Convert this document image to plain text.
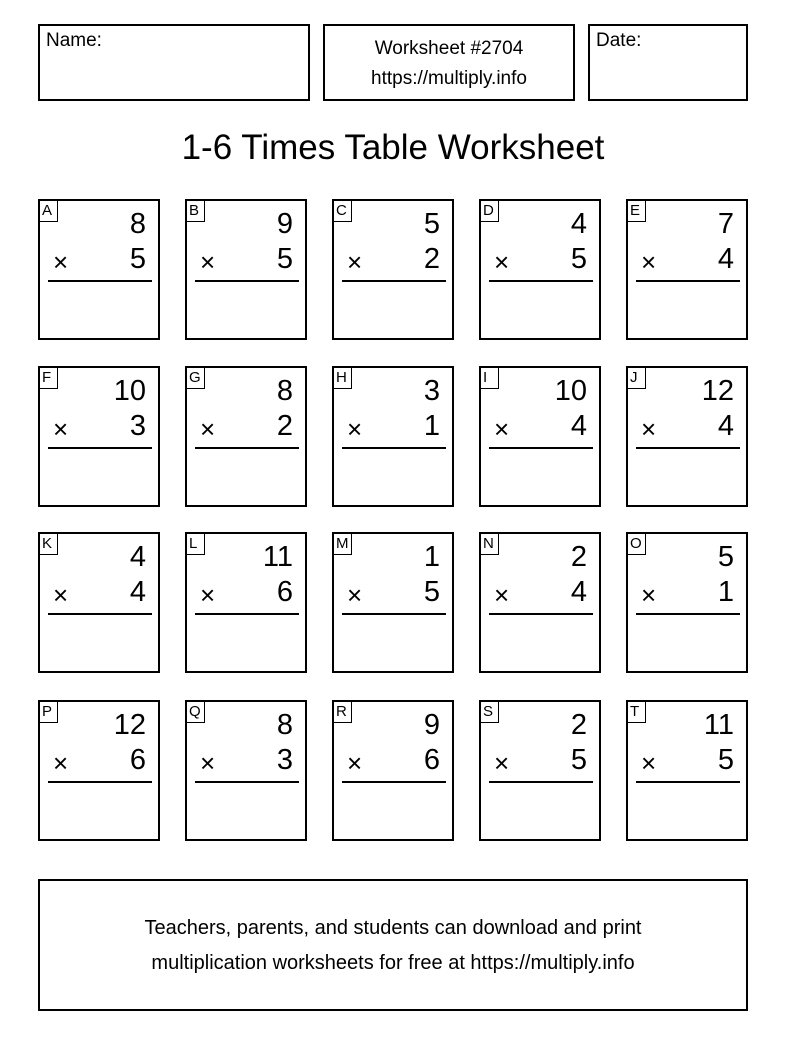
Name:	Worksheet #2704
https://multiply.info
Date:
1-6 Times Table Worksheet
A	8
× 5
B	9
× 5
C	5
× 2
D	4
× 5
E	7
× 4
F 10
× 3
G	8
× 2
H	3
× 1
I	10
× 4
J 12
× 4
K	4
× 4
L 11
× 6
M	1
× 5
N	2
× 4
O	5
× 1
P 12
× 6
Q	8
× 3
R	9
× 6
S	2
× 5
T 11
× 5
Teachers, parents, and students can download and print
multiplication worksheets for free at https://multiply.info
